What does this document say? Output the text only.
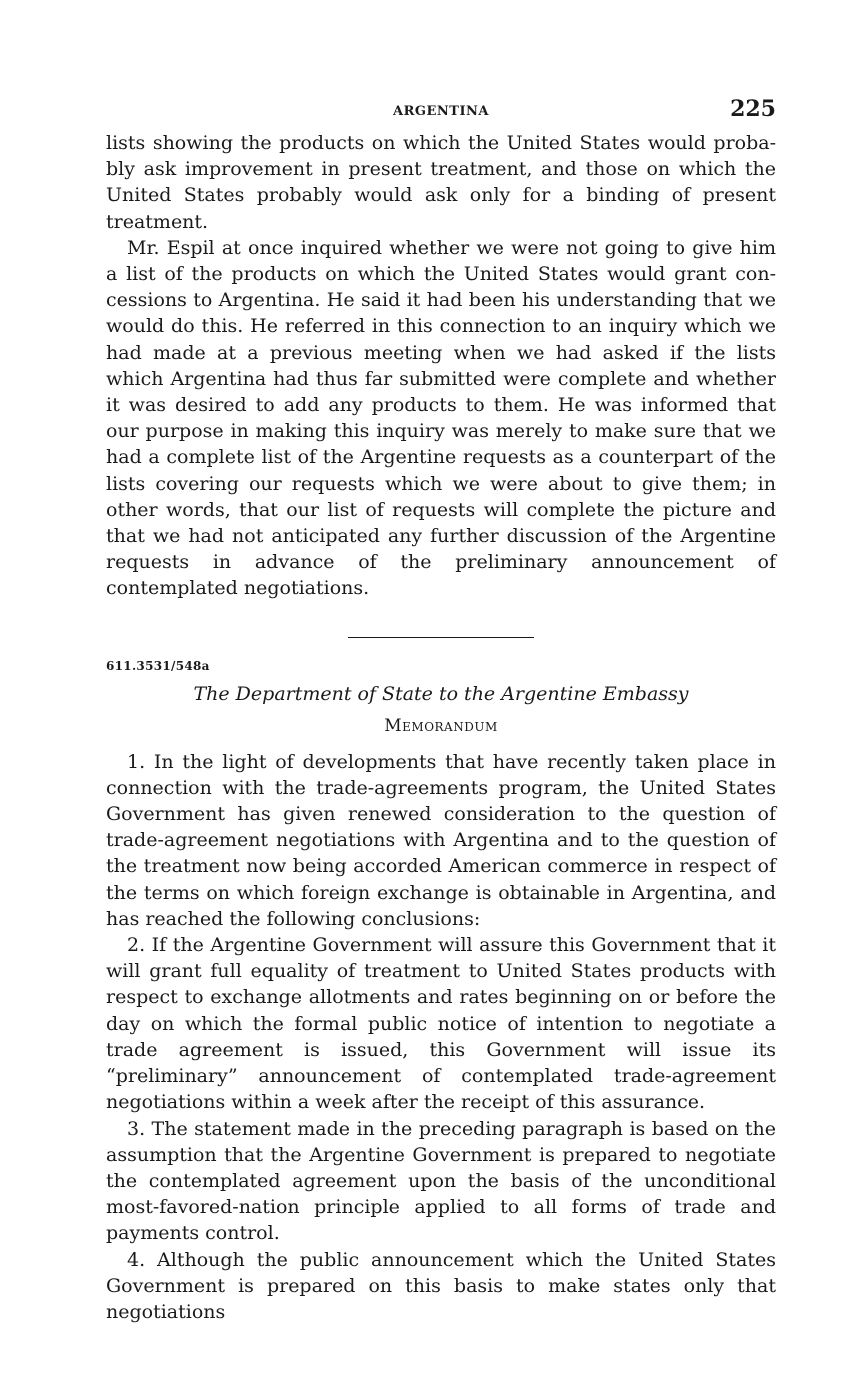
ARGENTINA	225

lists showing the products on which the United States would probably ask improvement in present treatment, and those on which the United States probably would ask only for a binding of present treatment.

Mr. Espil at once inquired whether we were not going to give him a list of the products on which the United States would grant concessions to Argentina. He said it had been his understanding that we would do this. He referred in this connection to an inquiry which we had made at a previous meeting when we had asked if the lists which Argentina had thus far submitted were complete and whether it was desired to add any products to them. He was informed that our purpose in making this inquiry was merely to make sure that we had a complete list of the Argentine requests as a counterpart of the lists covering our requests which we were about to give them; in other words, that our list of requests will complete the picture and that we had not anticipated any further discussion of the Argentine requests in advance of the preliminary announcement of contemplated negotiations.

611.3531/548a
The Department of State to the Argentine Embassy
Memorandum

1. In the light of developments that have recently taken place in connection with the trade-agreements program, the United States Government has given renewed consideration to the question of trade-agreement negotiations with Argentina and to the question of the treatment now being accorded American commerce in respect of the terms on which foreign exchange is obtainable in Argentina, and has reached the following conclusions:

2. If the Argentine Government will assure this Government that it will grant full equality of treatment to United States products with respect to exchange allotments and rates beginning on or before the day on which the formal public notice of intention to negotiate a trade agreement is issued, this Government will issue its “preliminary” announcement of contemplated trade-agreement negotiations within a week after the receipt of this assurance.

3. The statement made in the preceding paragraph is based on the assumption that the Argentine Government is prepared to negotiate the contemplated agreement upon the basis of the unconditional most-favored-nation principle applied to all forms of trade and payments control.

4. Although the public announcement which the United States Government is prepared on this basis to make states only that negotiations
